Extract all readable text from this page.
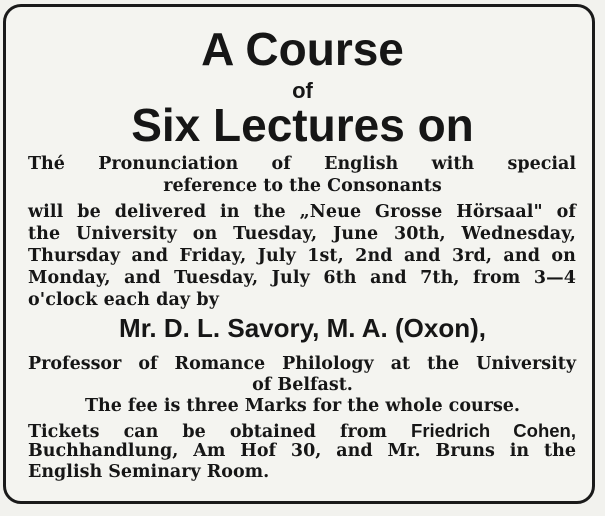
A Course
of
Six Lectures on
Thé Pronunciation of English with special
reference to the Consonants
will be delivered in the „Neue Grosse Hörsaal" of
the University on Tuesday, June 30th, Wednesday,
Thursday and Friday, July 1st, 2nd and 3rd, and on
Monday, and Tuesday, July 6th and 7th, from 3—4
o'clock each day by
Mr. D. L. Savory, M. A. (Oxon),
Professor of Romance Philology at the University
of Belfast.
The fee is three Marks for the whole course.
Tickets can be obtained from Friedrich Cohen,
Buchhandlung, Am Hof 30, and Mr. Bruns in the
English Seminary Room.
